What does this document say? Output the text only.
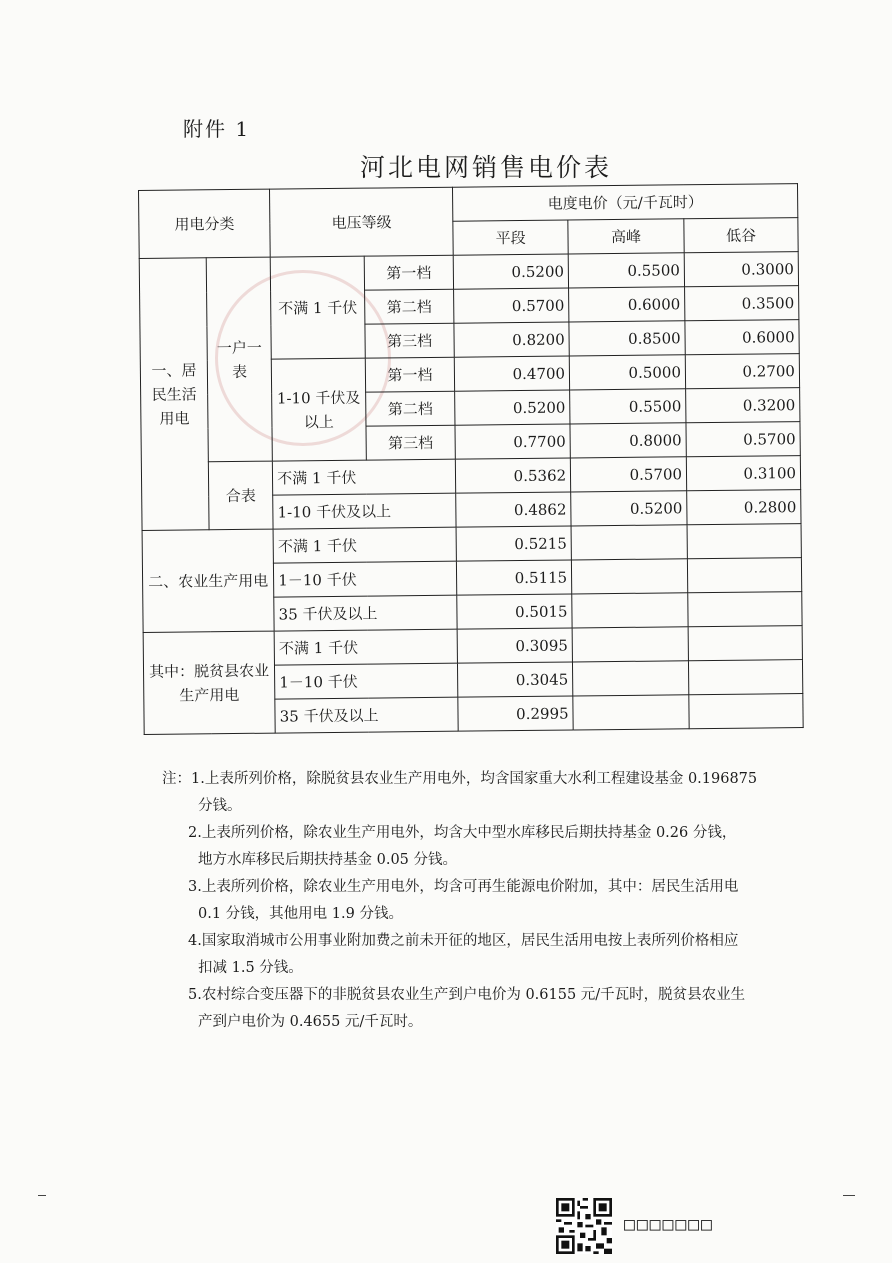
附件 1
河北电网销售电价表
用电分类		电压等级		电度电价（元/千瓦时）		
				平段	高峰	低谷
一、居民生活用电	一户一表	不满 1 千伏	第一档	0.5200	0.5500	0.3000
			第二档	0.5700	0.6000	0.3500
			第三档	0.8200	0.8500	0.6000
		1-10 千伏及以上	第一档	0.4700	0.5000	0.2700
			第二档	0.5200	0.5500	0.3200
			第三档	0.7700	0.8000	0.5700
	合表	不满 1 千伏		0.5362	0.5700	0.3100
		1-10 千伏及以上		0.4862	0.5200	0.2800
二、农业生产用电		不满 1 千伏		0.5215		
		1－10 千伏		0.5115		
		35 千伏及以上		0.5015		
其中：脱贫县农业生产用电		不满 1 千伏		0.3095		
		1－10 千伏		0.3045		
		35 千伏及以上		0.2995		

注：1.上表所列价格，除脱贫县农业生产用电外，均含国家重大水利工程建设基金 0.196875

分钱。

2.上表所列价格，除农业生产用电外，均含大中型水库移民后期扶持基金 0.26 分钱，

地方水库移民后期扶持基金 0.05 分钱。

3.上表所列价格，除农业生产用电外，均含可再生能源电价附加，其中：居民生活用电

0.1 分钱，其他用电 1.9 分钱。

4.国家取消城市公用事业附加费之前未开征的地区，居民生活用电按上表所列价格相应

扣减 1.5 分钱。

5.农村综合变压器下的非脱贫县农业生产到户电价为 0.6155 元/千瓦时，脱贫县农业生

产到户电价为 0.4655 元/千瓦时。

□□□□□□□
